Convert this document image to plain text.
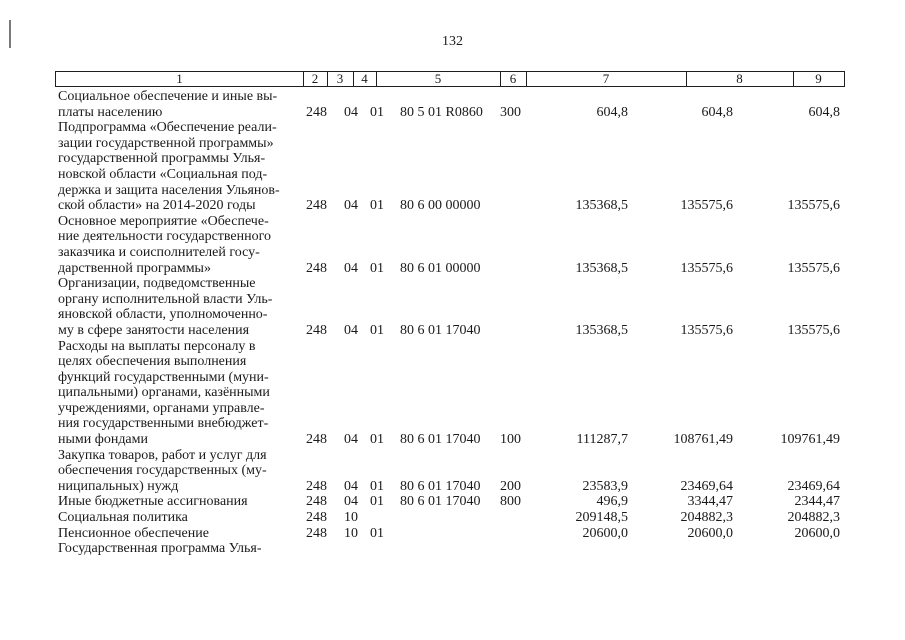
132
1	2	3	4	5	6	7	8	9
Социальное обеспечение и иные вы-
платы населению	248 04 01 80 5 01 R0860 300	604,8	604,8	604,8
Подпрограмма «Обеспечение реали-
зации государственной программы»
государственной программы Улья-
новской области «Социальная под-
держка и защита населения Ульянов-
ской области» на 2014-2020 годы	248 04 01 80 6 00 00000	135368,5	135575,6	135575,6
Основное мероприятие «Обеспече-
ние деятельности государственного
заказчика и соисполнителей госу-
дарственной программы»	248 04 01 80 6 01 00000	135368,5	135575,6	135575,6
Организации, подведомственные
органу исполнительной власти Уль-
яновской области, уполномоченно-
му в сфере занятости населения	248 04 01 80 6 01 17040	135368,5	135575,6	135575,6
Расходы на выплаты персоналу в
целях обеспечения выполнения
функций государственными (муни-
ципальными) органами, казёнными
учреждениями, органами управле-
ния государственными внебюджет-
ными фондами	248 04 01 80 6 01 17040 100	111287,7	108761,49	109761,49
Закупка товаров, работ и услуг для
обеспечения государственных (му-
ниципальных) нужд	248 04 01 80 6 01 17040 200	23583,9	23469,64	23469,64
Иные бюджетные ассигнования	248 04 01 80 6 01 17040 800	496,9	3344,47	2344,47
Социальная политика	248 10	209148,5	204882,3	204882,3
Пенсионное обеспечение	248 10 01	20600,0	20600,0	20600,0
Государственная программа Улья-
